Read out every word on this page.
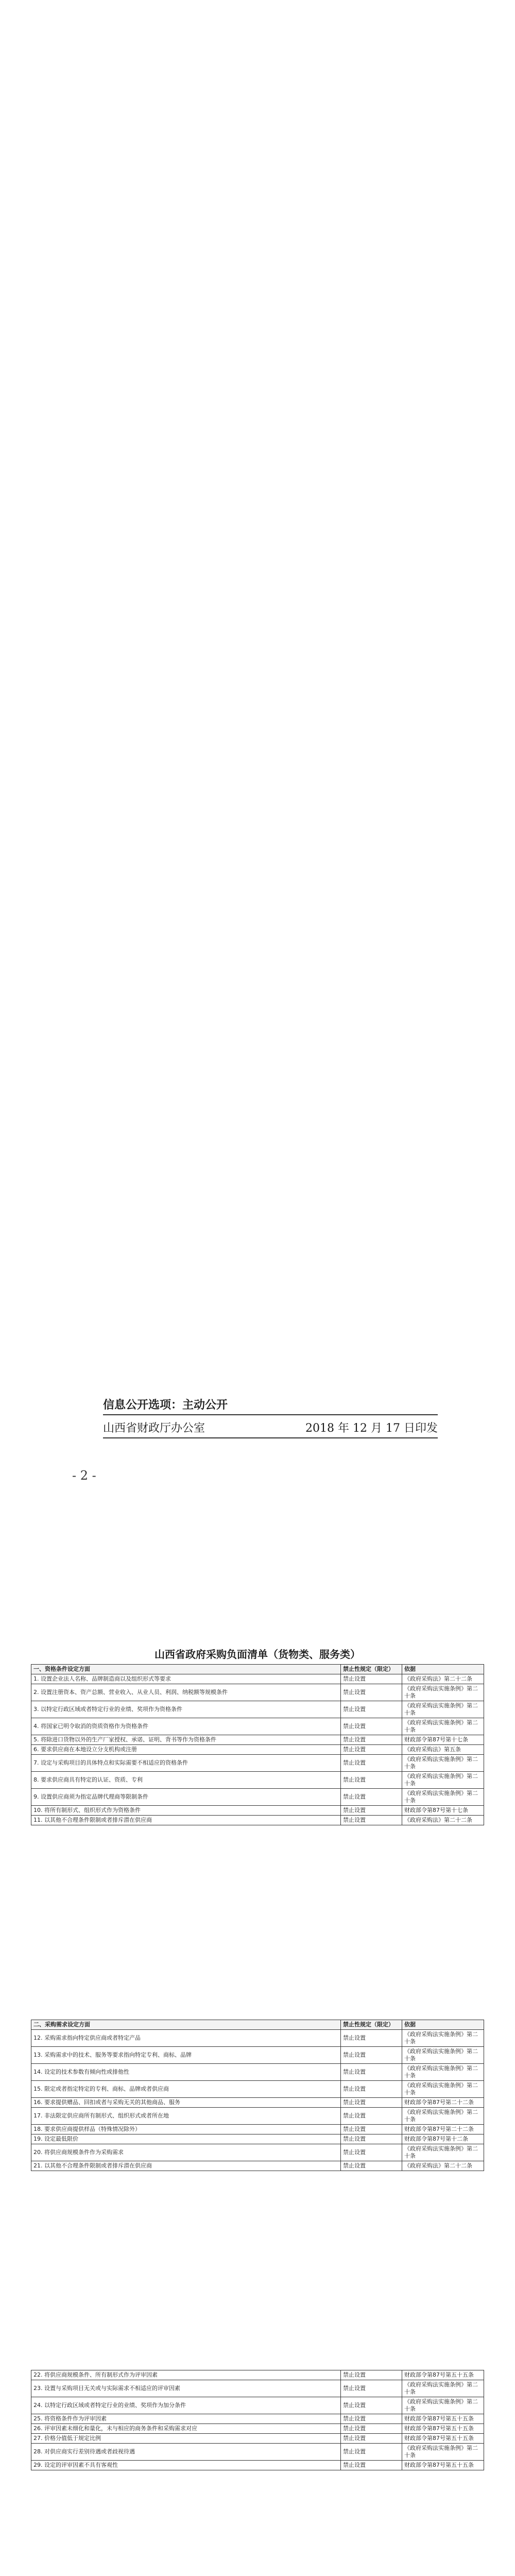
信息公开选项：主动公开
山西省财政厅办公室	2018 年 12 月 17 日印发
- 2 -
山西省政府采购负面清单（货物类、服务类）
一、资格条件设定方面	禁止性规定（限定）	依据
1. 设置企业法人名称、品牌制造商以及组织形式等要求	禁止设置	《政府采购法》第二十二条
2. 设置注册资本、资产总额、营业收入、从业人员、利润、纳税额等规模条件	禁止设置	《政府采购法实施条例》第二十条
3. 以特定行政区域或者特定行业的业绩、奖项作为资格条件	禁止设置	《政府采购法实施条例》第二十条
4. 将国家已明令取消的资质资格作为资格条件	禁止设置	《政府采购法实施条例》第二十条
5. 将除进口货物以外的生产厂家授权、承诺、证明、背书等作为资格条件	禁止设置	财政部令第87号第十七条
6. 要求供应商在本地设立分支机构或注册	禁止设置	《政府采购法》第五条
7. 设定与采购项目的具体特点和实际需要不相适应的资格条件	禁止设置	《政府采购法实施条例》第二十条
8. 要求供应商具有特定的认证、资质、专利	禁止设置	《政府采购法实施条例》第二十条
9. 设置供应商须为指定品牌代理商等限制条件	禁止设置	《政府采购法实施条例》第二十条
10. 将所有制形式、组织形式作为资格条件	禁止设置	财政部令第87号第十七条
11. 以其他不合理条件限制或者排斥潜在供应商	禁止设置	《政府采购法》第二十二条
二、采购需求设定方面	禁止性规定（限定）	依据
12. 采购需求指向特定供应商或者特定产品	禁止设置	《政府采购法实施条例》第二十条
13. 采购需求中的技术、服务等要求指向特定专利、商标、品牌	禁止设置	《政府采购法实施条例》第二十条
14. 设定的技术参数有倾向性或排他性	禁止设置	《政府采购法实施条例》第二十条
15. 限定或者指定特定的专利、商标、品牌或者供应商	禁止设置	《政府采购法实施条例》第二十条
16. 要求提供赠品、回扣或者与采购无关的其他商品、服务	禁止设置	财政部令第87号第二十二条
17. 非法限定供应商所有制形式、组织形式或者所在地	禁止设置	《政府采购法实施条例》第二十条
18. 要求供应商提供样品（特殊情况除外）	禁止设置	财政部令第87号第二十二条
19. 设定最低限价	禁止设置	财政部令第87号第十二条
20. 将供应商规模条件作为采购需求	禁止设置	《政府采购法实施条例》第二十条
21. 以其他不合理条件限制或者排斥潜在供应商	禁止设置	《政府采购法》第二十二条
22. 将供应商规模条件、所有制形式作为评审因素	禁止设置	财政部令第87号第五十五条
23. 设置与采购项目无关或与实际需求不相适应的评审因素	禁止设置	《政府采购法实施条例》第二十条
24. 以特定行政区域或者特定行业的业绩、奖项作为加分条件	禁止设置	《政府采购法实施条例》第二十条
25. 将资格条件作为评审因素	禁止设置	财政部令第87号第五十五条
26. 评审因素未细化和量化，未与相应的商务条件和采购需求对应	禁止设置	财政部令第87号第五十五条
27. 价格分值低于规定比例	禁止设置	财政部令第87号第五十五条
28. 对供应商实行差别待遇或者歧视待遇	禁止设置	《政府采购法实施条例》第二十条
29. 设定的评审因素不具有客观性	禁止设置	财政部令第87号第五十五条
